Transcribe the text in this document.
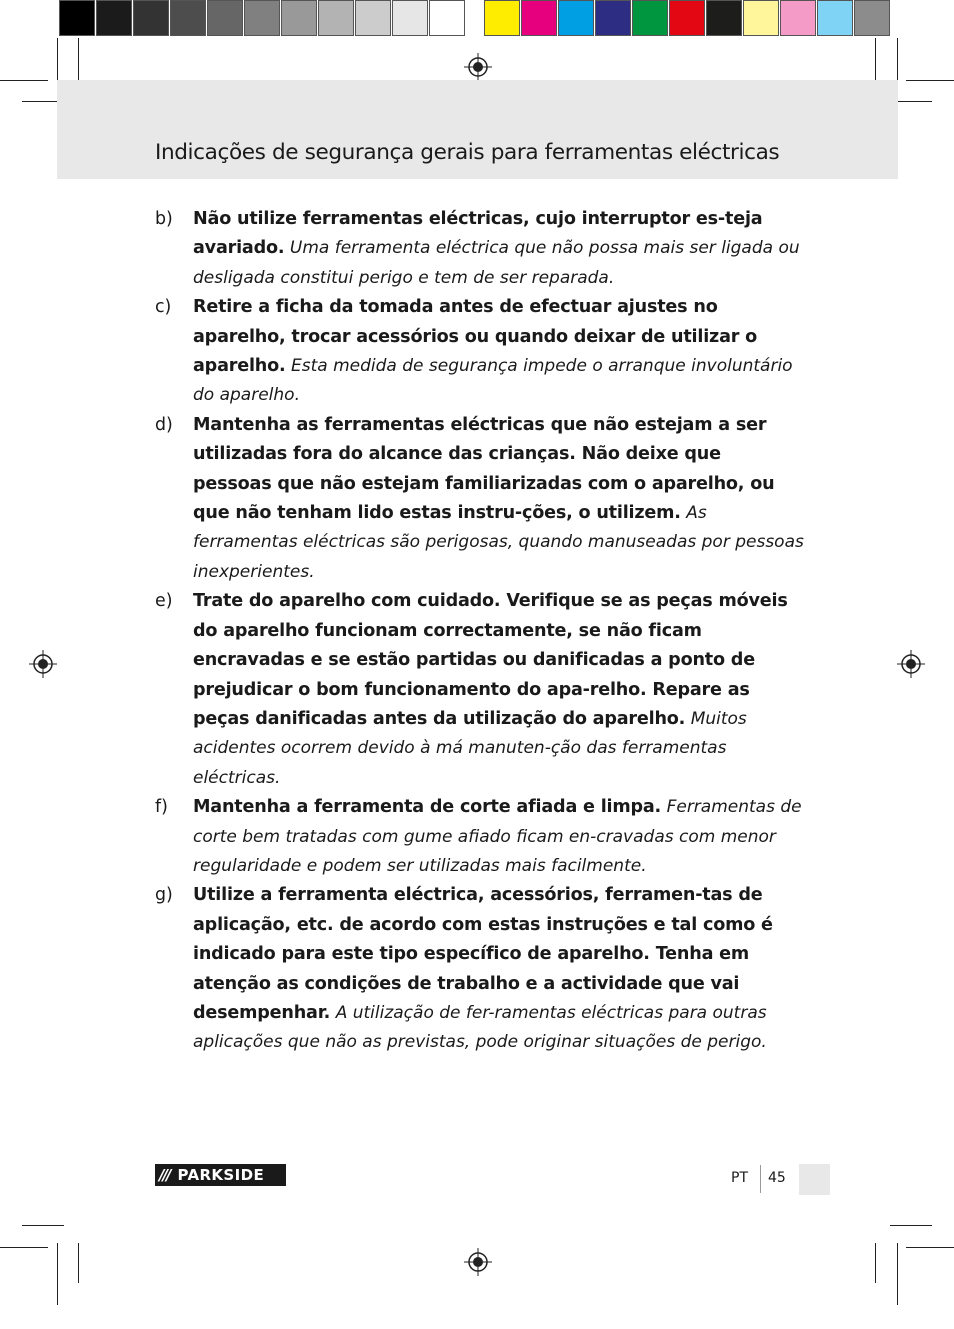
Indicações de segurança gerais para ferramentas eléctricas
b) Não utilize ferramentas eléctricas, cujo interruptor es-teja avariado. Uma ferramenta eléctrica que não possa mais ser ligada ou desligada constitui perigo e tem de ser reparada.
c) Retire a ficha da tomada antes de efectuar ajustes no aparelho, trocar acessórios ou quando deixar de utilizar o aparelho. Esta medida de segurança impede o arranque involuntário do aparelho.
d) Mantenha as ferramentas eléctricas que não estejam a ser utilizadas fora do alcance das crianças. Não deixe que pessoas que não estejam familiarizadas com o aparelho, ou que não tenham lido estas instru-ções, o utilizem. As ferramentas eléctricas são perigosas, quando manuseadas por pessoas inexperientes.
e) Trate do aparelho com cuidado. Verifique se as peças móveis do aparelho funcionam correctamente, se não ficam encravadas e se estão partidas ou danificadas a ponto de prejudicar o bom funcionamento do apa-relho. Repare as peças danificadas antes da utilização do aparelho. Muitos acidentes ocorrem devido à má manuten-ção das ferramentas eléctricas.
f) Mantenha a ferramenta de corte afiada e limpa. Ferramentas de corte bem tratadas com gume afiado ficam en-cravadas com menor regularidade e podem ser utilizadas mais facilmente.
g) Utilize a ferramenta eléctrica, acessórios, ferramen-tas de aplicação, etc. de acordo com estas instruções e tal como é indicado para este tipo específico de aparelho. Tenha em atenção as condições de trabalho e a actividade que vai desempenhar. A utilização de fer-ramentas eléctricas para outras aplicações que não as previstas, pode originar situações de perigo.
/// PARKSIDE	PT 45
